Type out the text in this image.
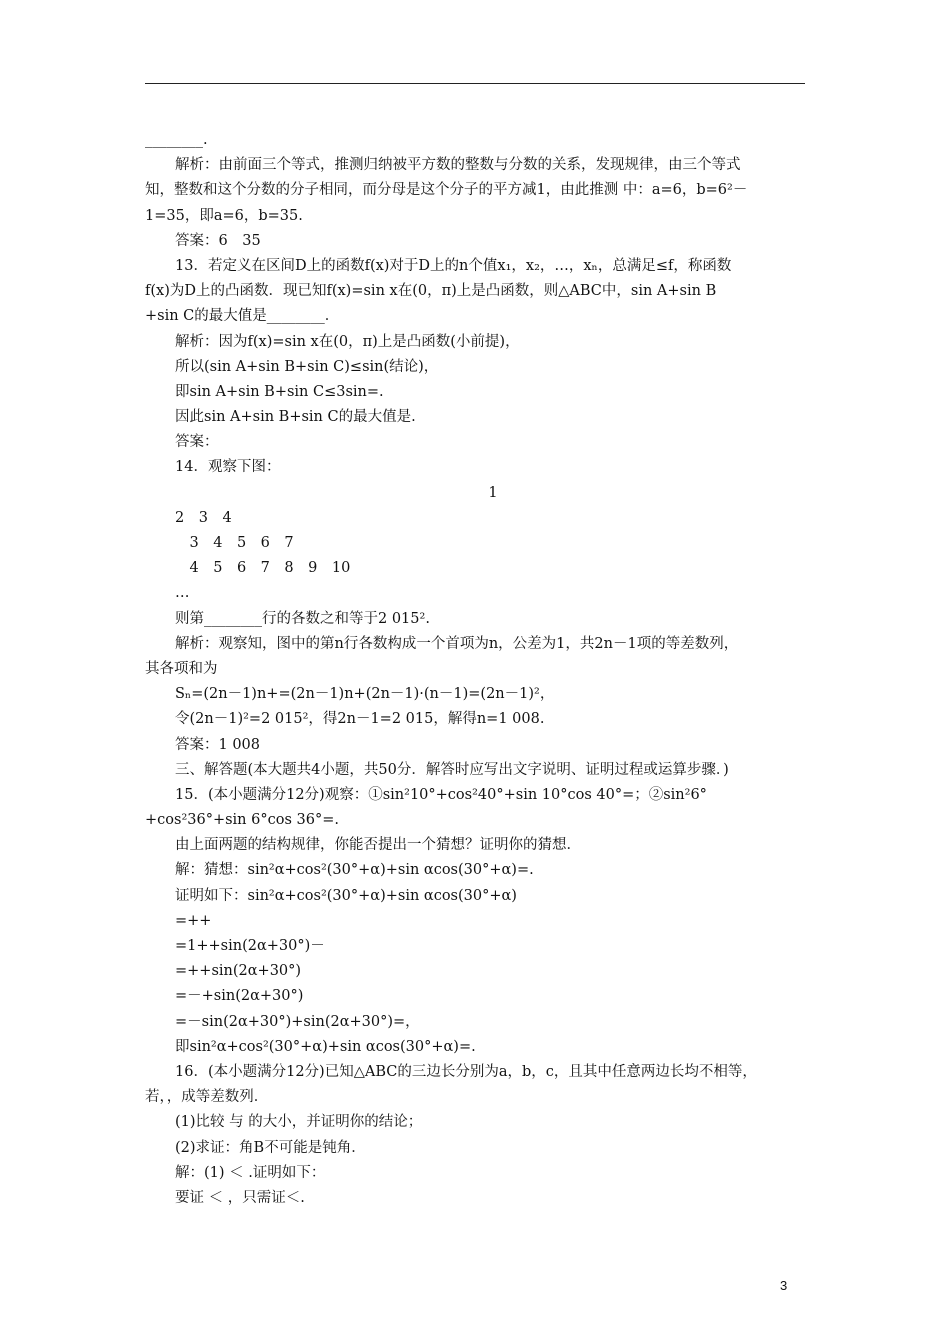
________.
解析：由前面三个等式，推测归纳被平方数的整数与分数的关系，发现规律，由三个等式
知，整数和这个分数的分子相同，而分母是这个分子的平方减1，由此推测 中：a=6，b=6²－
1=35，即a=6，b=35.
答案：6　35
13．若定义在区间D上的函数f(x)对于D上的n个值x₁，x₂，…，xₙ，总满足≤f，称函数
f(x)为D上的凸函数．现已知f(x)=sin x在(0，π)上是凸函数，则△ABC中，sin A+sin B
+sin C的最大值是________．
解析：因为f(x)=sin x在(0，π)上是凸函数(小前提)，
所以(sin A+sin B+sin C)≤sin(结论)，
即sin A+sin B+sin C≤3sin=.
因此sin A+sin B+sin C的最大值是.
答案：
14．观察下图：
1
2　3　4
　3　4　5　6　7
　4　5　6　7　8　9　10
…
则第________行的各数之和等于2 015².
解析：观察知，图中的第n行各数构成一个首项为n，公差为1，共2n－1项的等差数列，
其各项和为
Sₙ=(2n－1)n+=(2n－1)n+(2n－1)·(n－1)=(2n－1)²，
令(2n－1)²=2 015²，得2n－1=2 015，解得n=1 008.
答案：1 008
三、解答题(本大题共4小题，共50分．解答时应写出文字说明、证明过程或运算步骤．)
15．(本小题满分12分)观察：①sin²10°+cos²40°+sin 10°cos 40°=；②sin²6°
+cos²36°+sin 6°cos 36°=.
由上面两题的结构规律，你能否提出一个猜想？证明你的猜想．
解：猜想：sin²α+cos²(30°+α)+sin αcos(30°+α)=.
证明如下：sin²α+cos²(30°+α)+sin αcos(30°+α)
=++
=1++sin(2α+30°)－
=++sin(2α+30°)
=－+sin(2α+30°)
=－sin(2α+30°)+sin(2α+30°)=，
即sin²α+cos²(30°+α)+sin αcos(30°+α)=.
16．(本小题满分12分)已知△ABC的三边长分别为a，b，c，且其中任意两边长均不相等，
若，，成等差数列．
(1)比较 与 的大小，并证明你的结论；
(2)求证：角B不可能是钝角．
解：(1) ＜ .证明如下：
要证 ＜ ，只需证＜.
3
